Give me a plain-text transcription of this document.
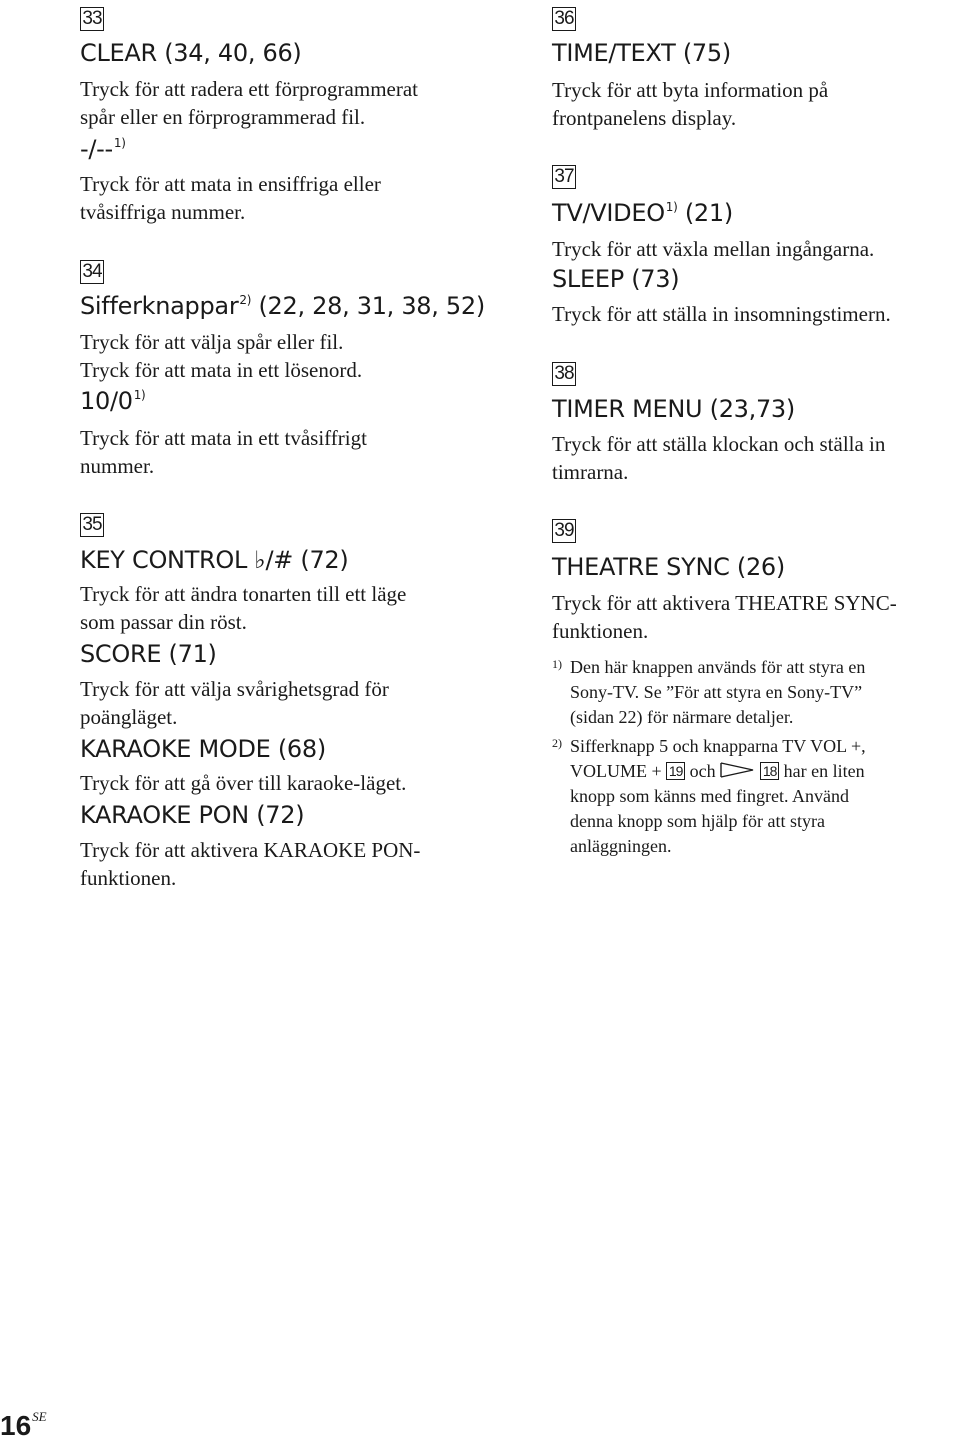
33
CLEAR (34, 40, 66)
Tryck för att radera ett förprogrammerat
spår eller en förprogrammerad fil.
-/--$^{1)}$
Tryck för att mata in ensiffriga eller
tvåsiffriga nummer.
34
Sifferknappar$^{2)}$ (22, 28, 31, 38, 52)
Tryck för att välja spår eller fil.
Tryck för att mata in ett lösenord.
10/0$^{1)}$
Tryck för att mata in ett tvåsiffrigt
nummer.
35
KEY CONTROL ♭/# (72)
Tryck för att ändra tonarten till ett läge
som passar din röst.
SCORE (71)
Tryck för att välja svårighetsgrad för
poängläget.
KARAOKE MODE (68)
Tryck för att gå över till karaoke-läget.
KARAOKE PON (72)
Tryck för att aktivera KARAOKE PON-
funktionen.
36
TIME/TEXT (75)
Tryck för att byta information på
frontpanelens display.
37
TV/VIDEO$^{1)}$ (21)
Tryck för att växla mellan ingångarna.
SLEEP (73)
Tryck för att ställa in insomningstimern.
38
TIMER MENU (23,73)
Tryck för att ställa klockan och ställa in
timrarna.
39
THEATRE SYNC (26)
Tryck för att aktivera THEATRE SYNC-
funktionen.
1) Den här knappen används för att styra en
Sony-TV. Se ”För att styra en Sony-TV”
(sidan 22) för närmare detaljer.
2) Sifferknapp 5 och knapparna TV VOL +,
VOLUME + 19 och	18 har en liten
knopp som känns med fingret. Använd
denna knopp som hjälp för att styra
anläggningen.
$16^{SE}$
